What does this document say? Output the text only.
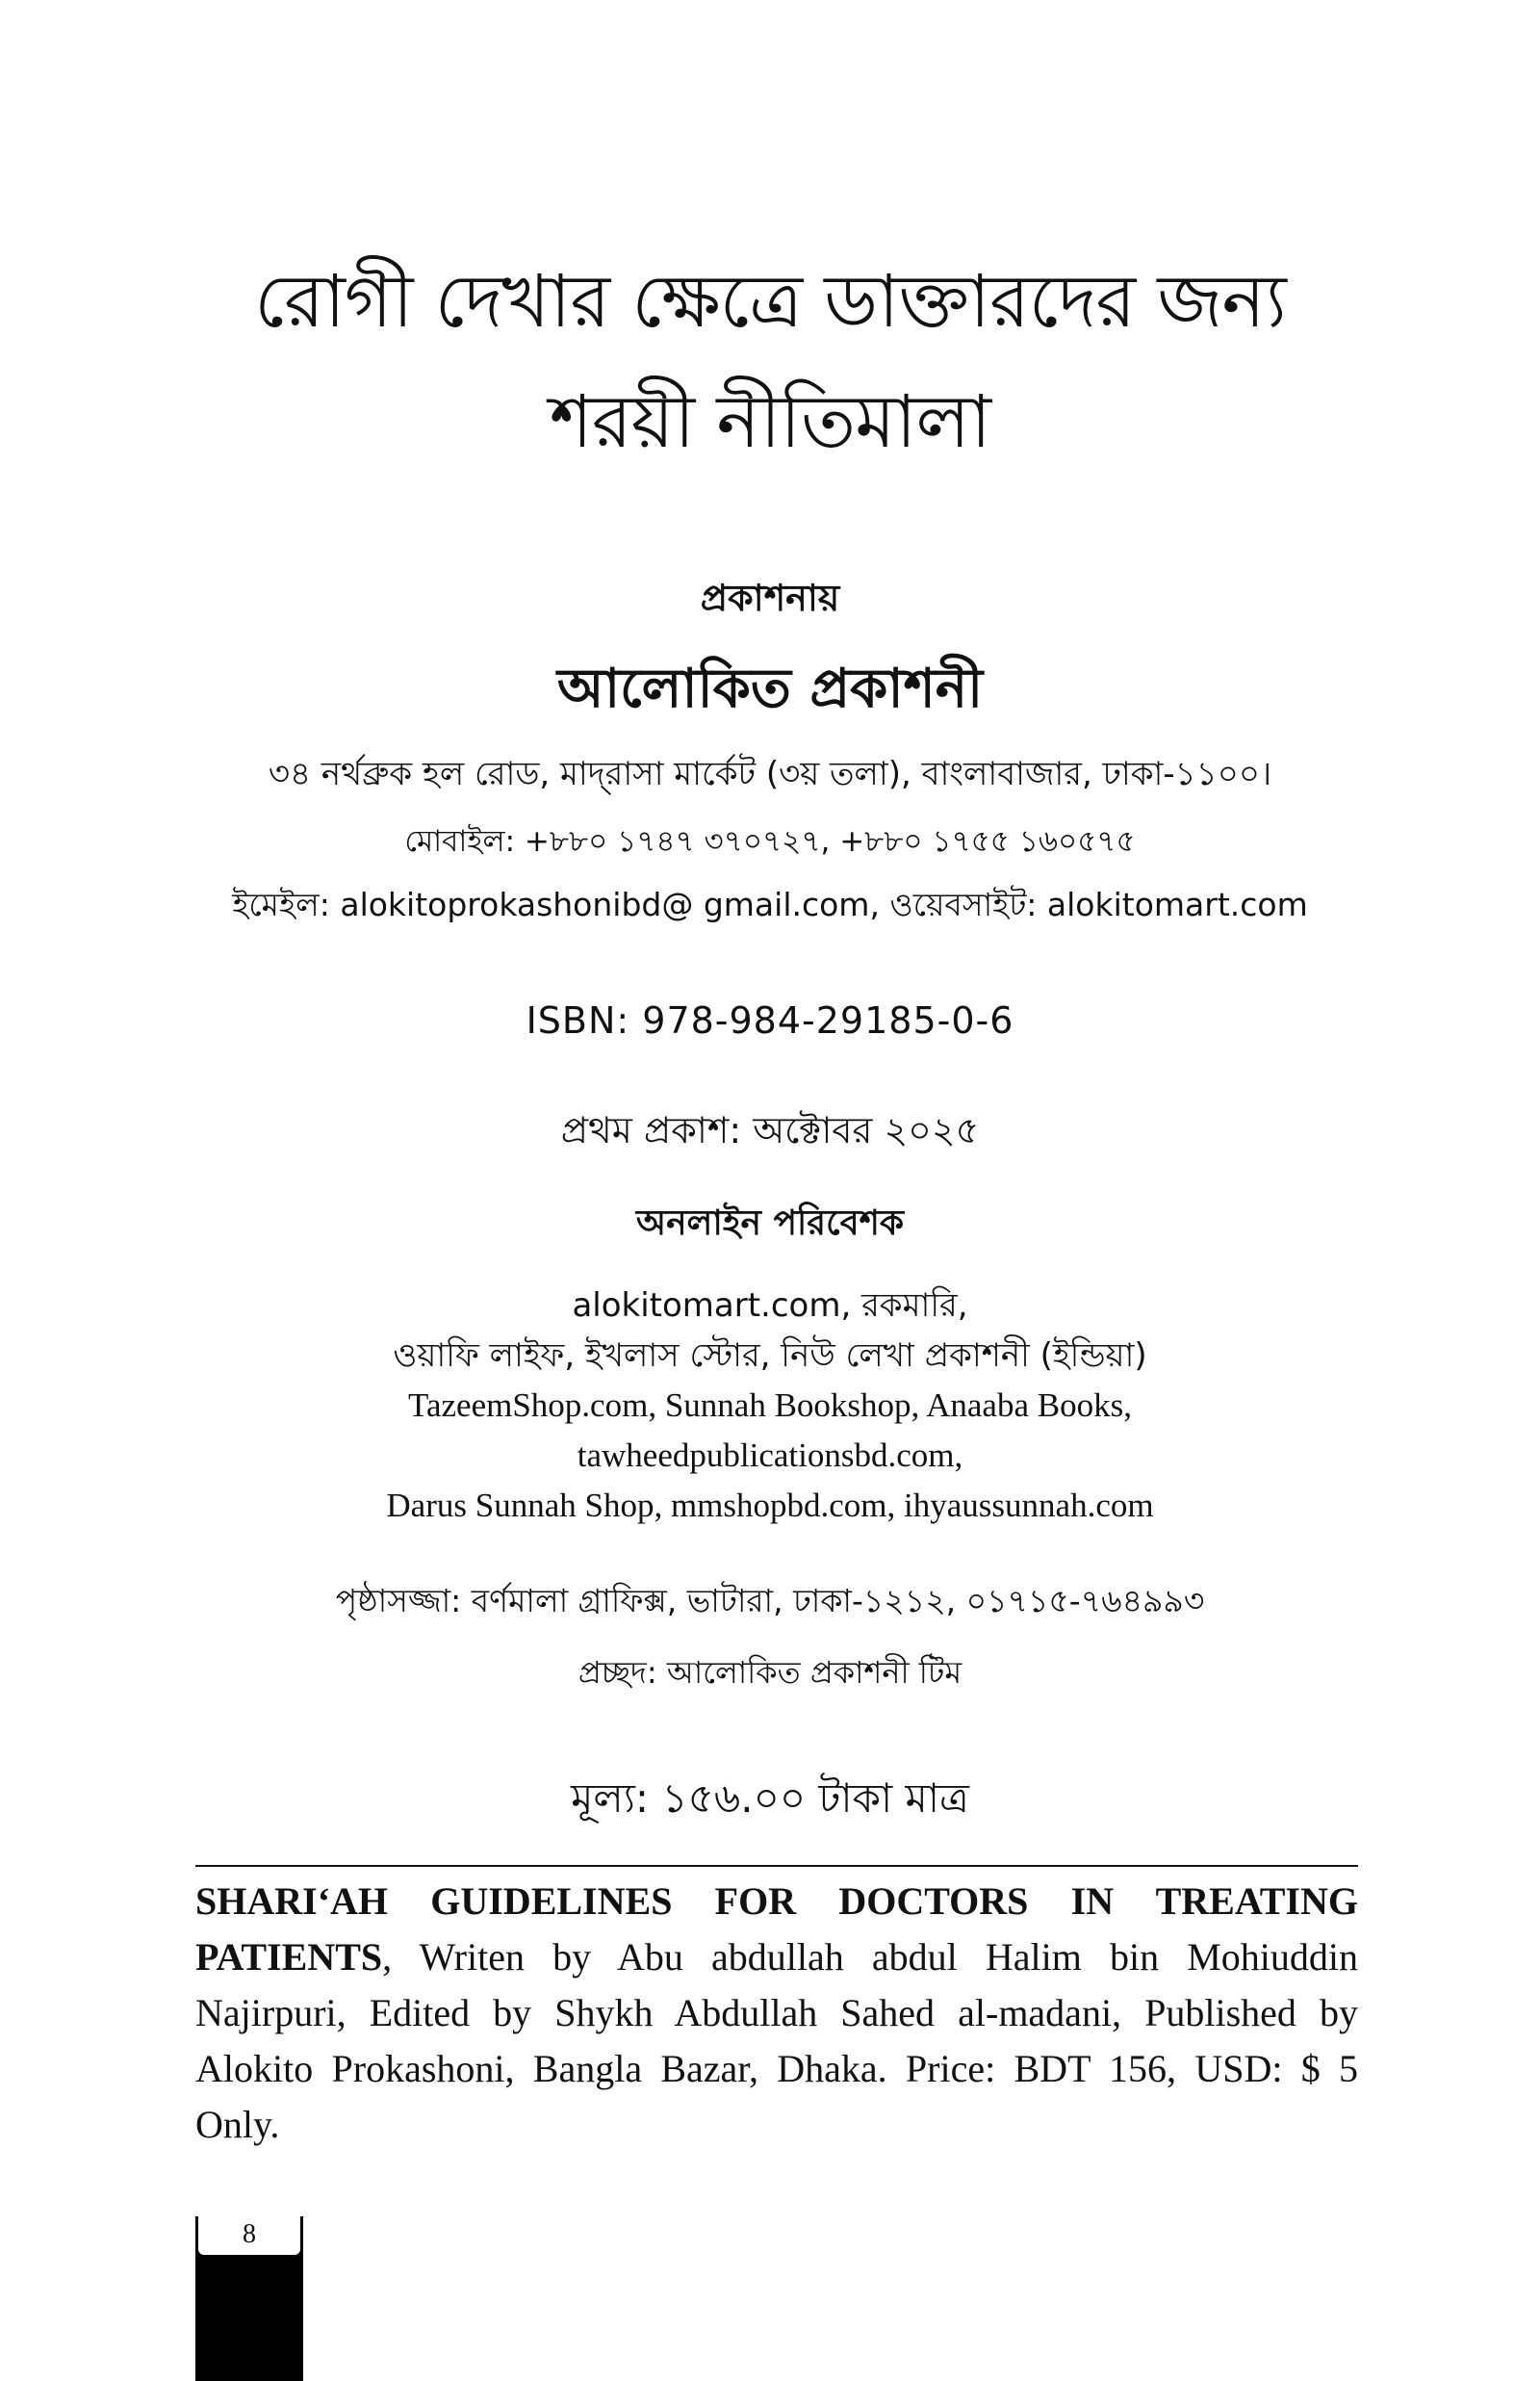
রোগী দেখার ক্ষেত্রে ডাক্তারদের জন্য
শরয়ী নীতিমালা
প্রকাশনায়
আলোকিত প্রকাশনী
৩৪ নর্থব্রুক হল রোড, মাদ্‌রাসা মার্কেট (৩য় তলা), বাংলাবাজার, ঢাকা-১১০০।
মোবাইল: +৮৮০ ১৭৪৭ ৩৭০৭২৭, +৮৮০ ১৭৫৫ ১৬০৫৭৫
ইমেইল: alokitoprokashonibd@ gmail.com, ওয়েবসাইট: alokitomart.com
ISBN: 978-984-29185-0-6
প্রথম প্রকাশ: অক্টোবর ২০২৫
অনলাইন পরিবেশক
alokitomart.com, রকমারি,
ওয়াফি লাইফ, ইখলাস স্টোর, নিউ লেখা প্রকাশনী (ইন্ডিয়া)
TazeemShop.com, Sunnah Bookshop, Anaaba Books,
tawheedpublicationsbd.com,
Darus Sunnah Shop, mmshopbd.com, ihyaussunnah.com
পৃষ্ঠাসজ্জা: বর্ণমালা গ্রাফিক্স, ভাটারা, ঢাকা-১২১২, ০১৭১৫-৭৬৪৯৯৩
প্রচ্ছদ: আলোকিত প্রকাশনী টিম
মূল্য: ১৫৬.০০ টাকা মাত্র
SHARI‘AH GUIDELINES FOR DOCTORS IN TREATING PATIENTS, Writen by Abu abdullah abdul Halim bin Mohiuddin Najirpuri, Edited by Shykh Abdullah Sahed al-madani, Published by Alokito Prokashoni, Bangla Bazar, Dhaka. Price: BDT 156, USD: $ 5 Only.
8
